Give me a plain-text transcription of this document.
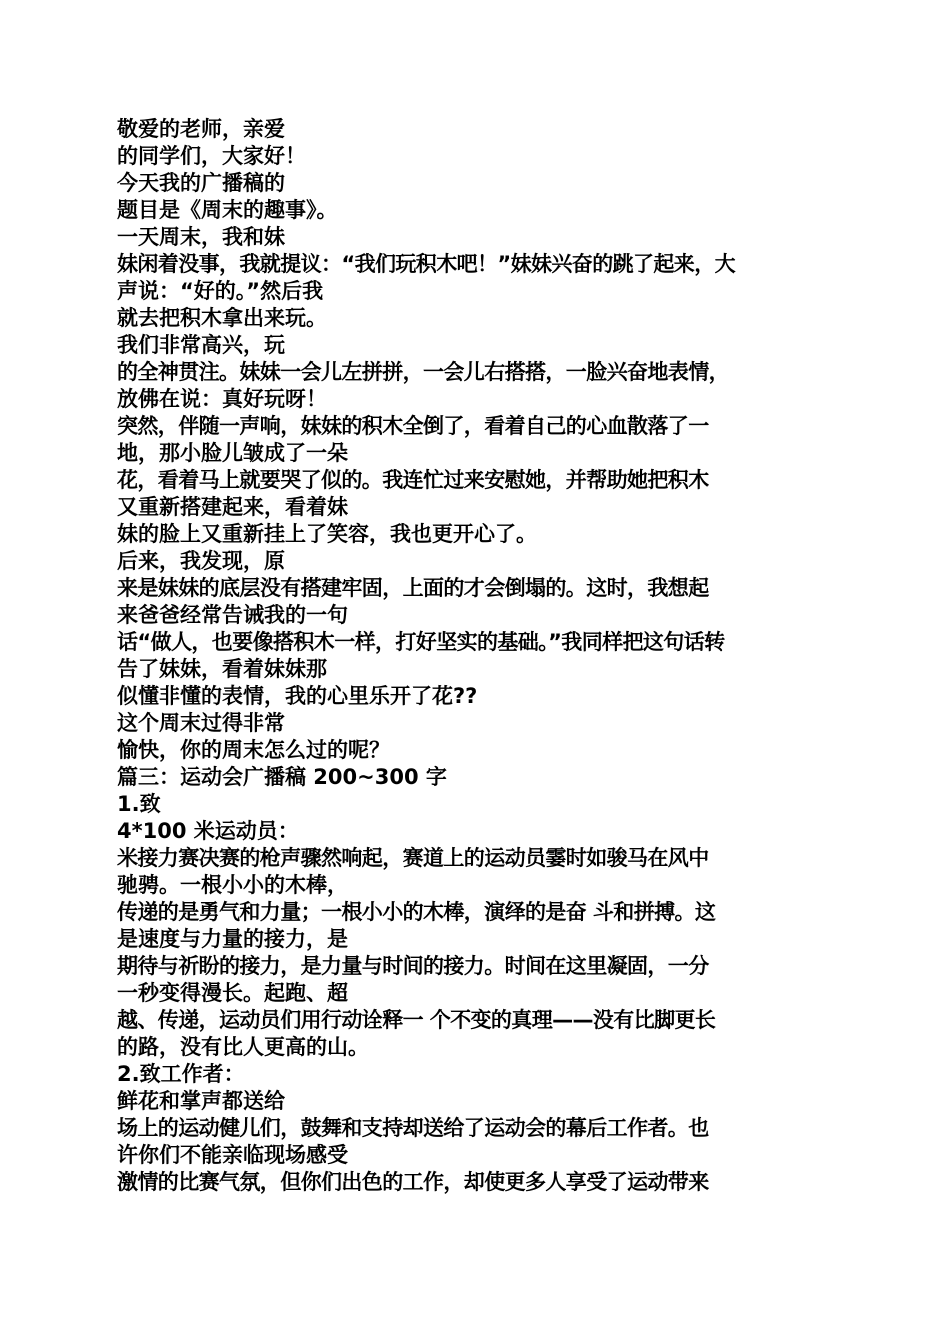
敬爱的老师，亲爱
的同学们，大家好！
今天我的广播稿的
题目是《周末的趣事》。
一天周末，我和妹
妹闲着没事，我就提议：“我们玩积木吧！”妹妹兴奋的跳了起来，大
声说：“好的。”然后我
就去把积木拿出来玩。
我们非常高兴，玩
的全神贯注。妹妹一会儿左拼拼，一会儿右搭搭，一脸兴奋地表情，
放佛在说：真好玩呀！
突然，伴随一声响，妹妹的积木全倒了，看着自己的心血散落了一
地，那小脸儿皱成了一朵
花，看着马上就要哭了似的。我连忙过来安慰她，并帮助她把积木
又重新搭建起来，看着妹
妹的脸上又重新挂上了笑容，我也更开心了。
后来，我发现，原
来是妹妹的底层没有搭建牢固，上面的才会倒塌的。这时，我想起
来爸爸经常告诫我的一句
话“做人，也要像搭积木一样，打好坚实的基础。”我同样把这句话转
告了妹妹，看着妹妹那
似懂非懂的表情，我的心里乐开了花??
这个周末过得非常
愉快，你的周末怎么过的呢？
篇三：运动会广播稿 200~300 字
1.致
4*100 米运动员：
米接力赛决赛的枪声骤然响起，赛道上的运动员霎时如骏马在风中
驰骋。一根小小的木棒，
传递的是勇气和力量；一根小小的木棒，演绎的是奋 斗和拼搏。这
是速度与力量的接力，是
期待与祈盼的接力，是力量与时间的接力。时间在这里凝固，一分
一秒变得漫长。起跑、超
越、传递，运动员们用行动诠释一 个不变的真理——没有比脚更长
的路，没有比人更高的山。
2.致工作者：
鲜花和掌声都送给
场上的运动健儿们，鼓舞和支持却送给了运动会的幕后工作者。也
许你们不能亲临现场感受
激情的比赛气氛，但你们出色的工作，却使更多人享受了运动带来
